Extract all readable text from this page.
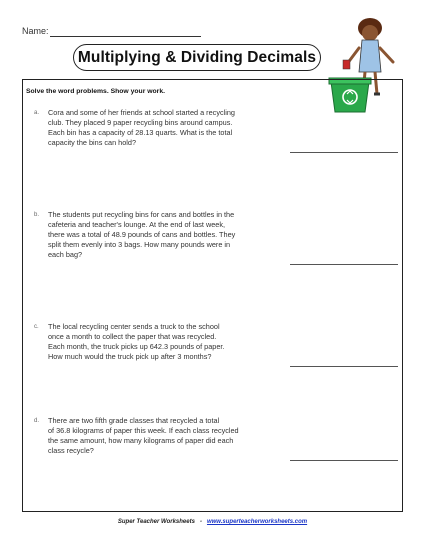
Name:
Multiplying & Dividing Decimals
Solve the word problems. Show your work.
a. Cora and some of her friends at school started a recycling
club. They placed 9 paper recycling bins around campus.
Each bin has a capacity of 28.13 quarts. What is the total
capacity the bins can hold?
b. The students put recycling bins for cans and bottles in the
cafeteria and teacher's lounge. At the end of last week,
there was a total of 48.9 pounds of cans and bottles. They
split them evenly into 3 bags. How many pounds were in
each bag?
c. The local recycling center sends a truck to the school
once a month to collect the paper that was recycled.
Each month, the truck picks up 642.3 pounds of paper.
How much would the truck pick up after 3 months?
d. There are two fifth grade classes that recycled a total
of 36.8 kilograms of paper this week. If each class recycled
the same amount, how many kilograms of paper did each
class recycle?
Super Teacher Worksheets - www.superteacherworksheets.com
